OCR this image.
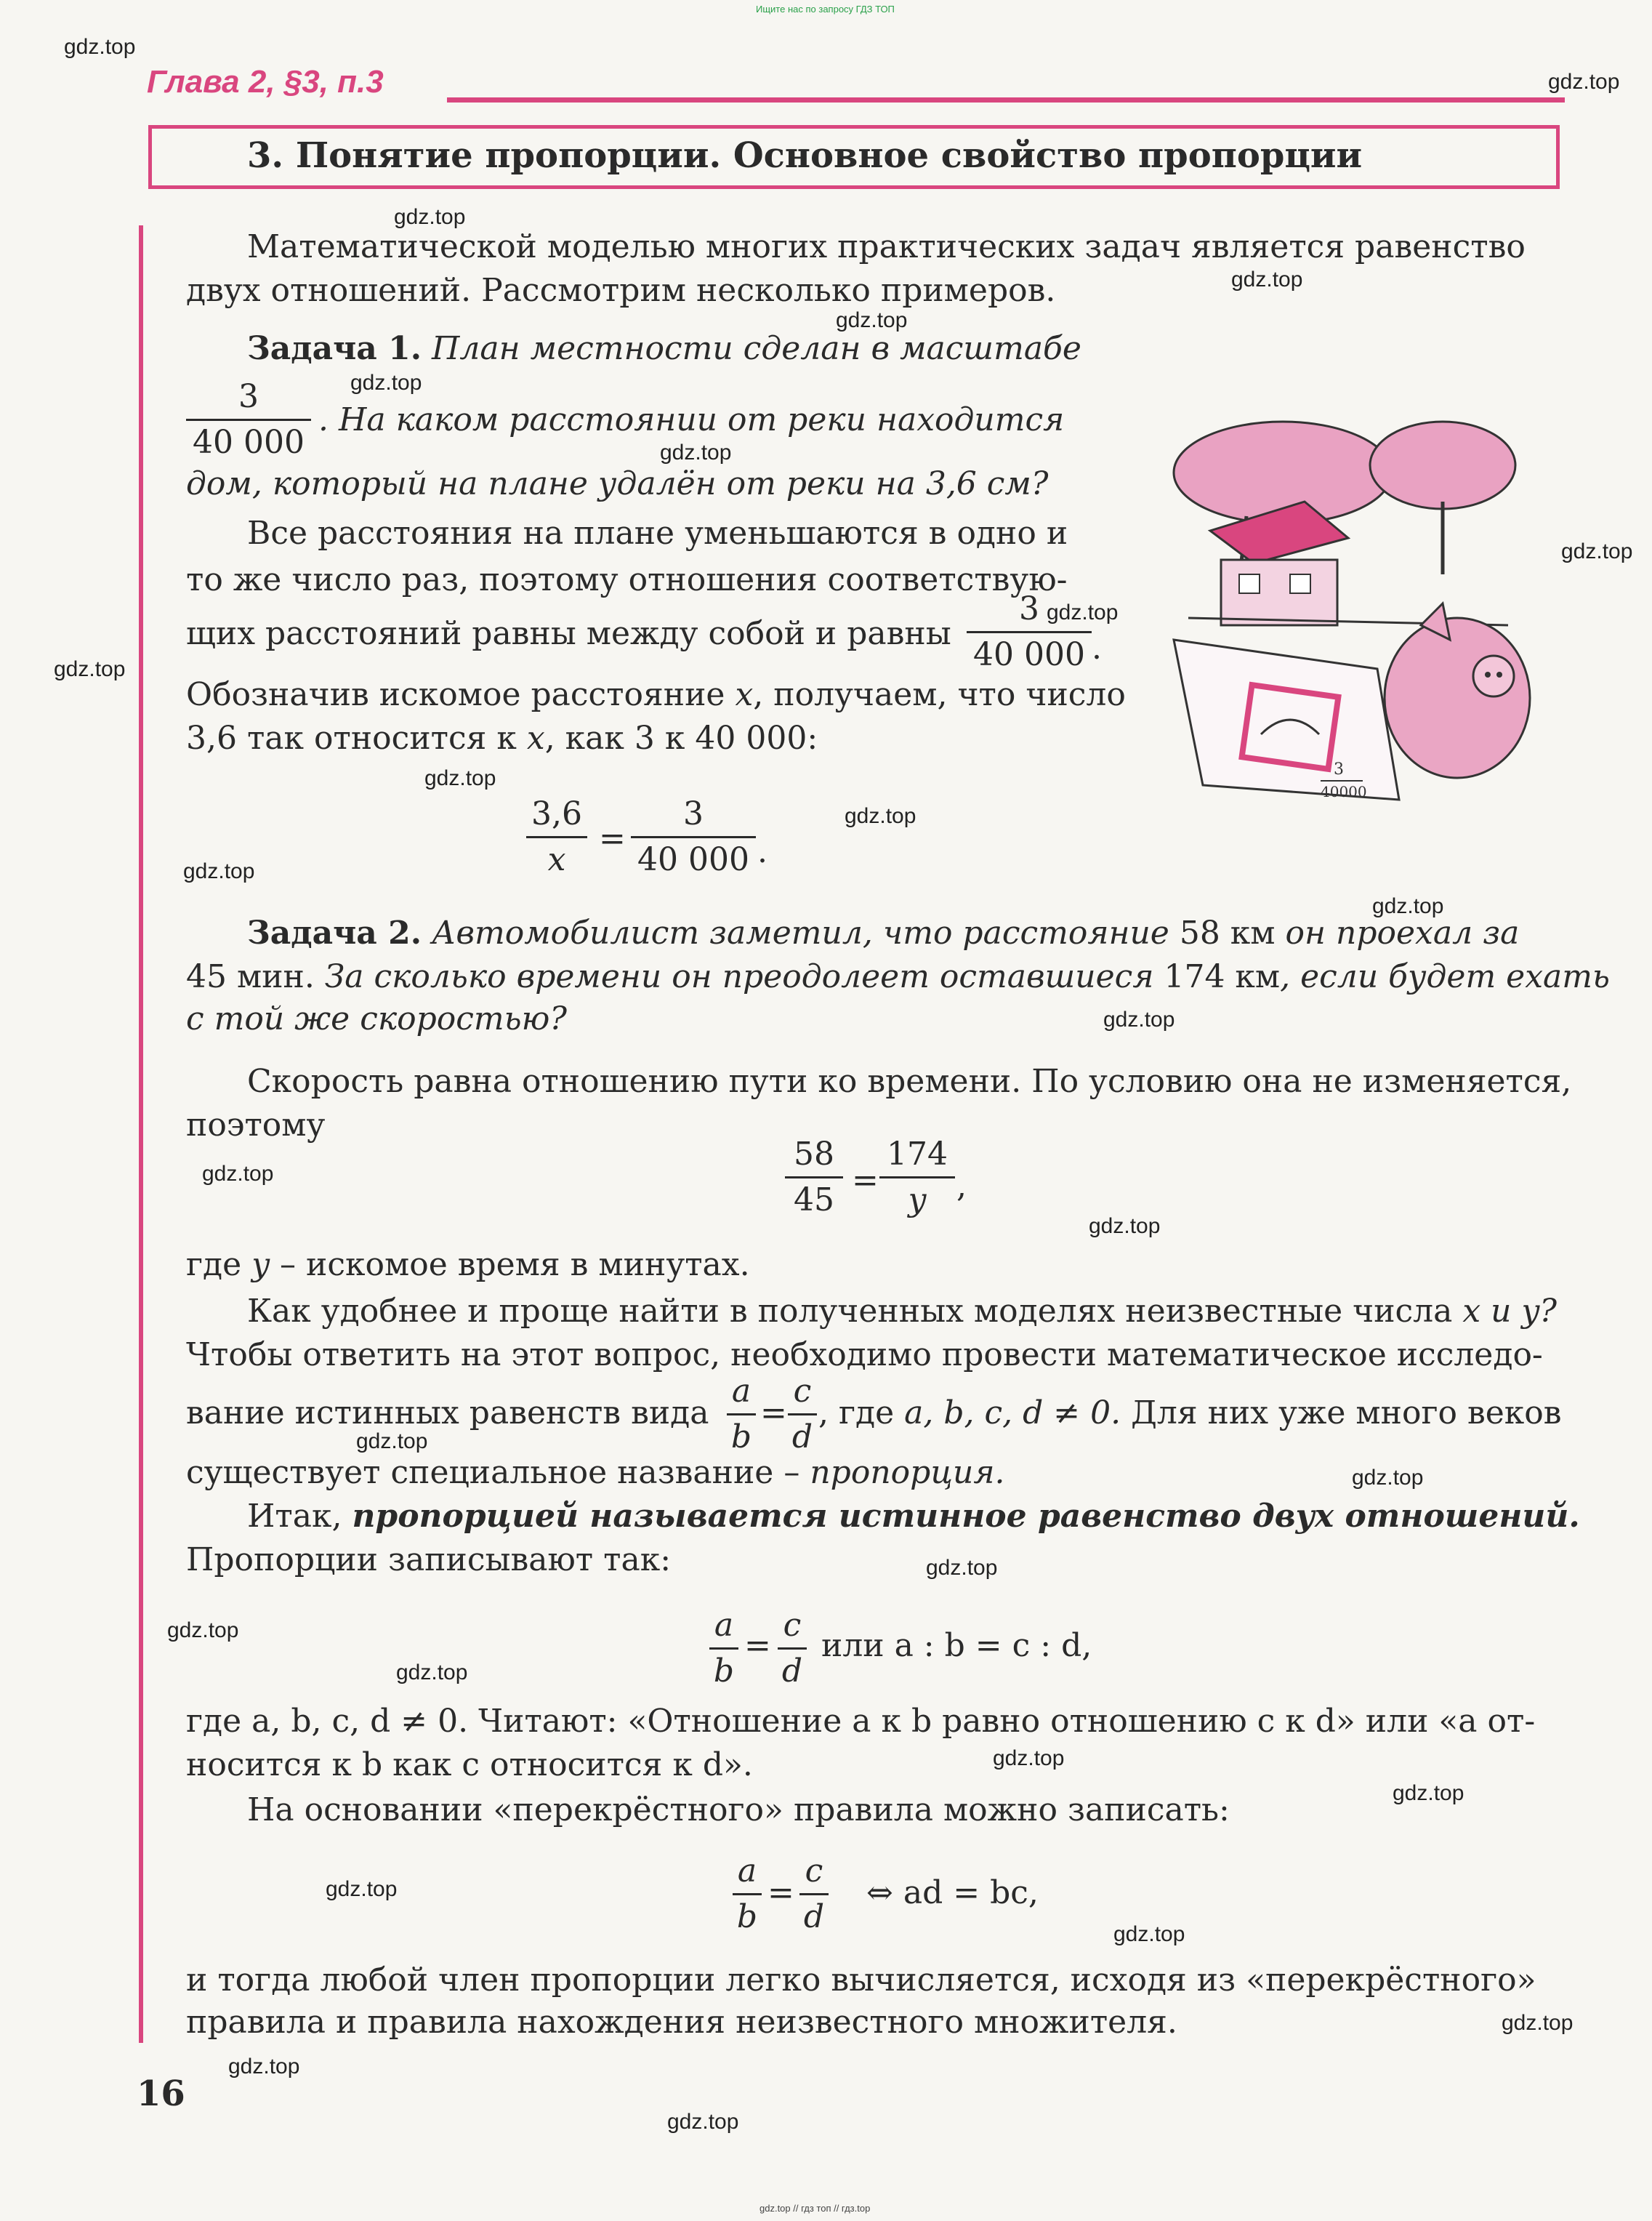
Ищите нас по запросу ГДЗ ТОП
gdz.top // гдз топ // гдз.top
Глава 2, §3, п.3
3. Понятие пропорции. Основное свойство пропорции
gdz.top
gdz.top
gdz.top
gdz.top
gdz.top
gdz.top
gdz.top
gdz.top
gdz.top
gdz.top
gdz.top
gdz.top
gdz.top
gdz.top
gdz.top
gdz.top
gdz.top
gdz.top
gdz.top
gdz.top
gdz.top
gdz.top
gdz.top
gdz.top
gdz.top
gdz.top
gdz.top
gdz.top
gdz.top
Математической моделью многих практических задач является равенство
двух отношений. Рассмотрим несколько примеров.
Задача 1. План местности сделан в масштабе
3
40 000
. На каком расстоянии от реки находится
дом, который на плане удалён от реки на 3,6 см?
Все расстояния на плане уменьшаются в одно и
то же число раз, поэтому отношения соответствую-
щих расстояний равны между собой и равны
3
40 000 .
Обозначив искомое расстояние x, получаем, что число
3,6 так относится к x, как 3 к 40 000:
3,6
x
=
3
40 000 .
Задача 2. Автомобилист заметил, что расстояние 58 км он проехал за
45 мин. За сколько времени он преодолеет оставшиеся 174 км, если будет ехать
с той же скоростью?
Скорость равна отношению пути ко времени. По условию она не изменяется,
поэтому
58
45
=
174
y ,
где y – искомое время в минутах.
Как удобнее и проще найти в полученных моделях неизвестные числа x и y?
Чтобы ответить на этот вопрос, необходимо провести математическое исследо-
вание истинных равенств вида
a
b
=
c
d
, где a, b, c, d ≠ 0. Для них уже много веков
существует специальное название – пропорция.
Итак, пропорцией называется истинное равенство двух отношений.
Пропорции записывают так:
a
b
=
c
d
или a : b = c : d,
где a, b, c, d ≠ 0. Читают: «Отношение a к b равно отношению c к d» или «a от-
носится к b как c относится к d».
На основании «перекрёстного» правила можно записать:
a
b
=
c
d
⇔ ad = bc,
и тогда любой член пропорции легко вычисляется, исходя из «перекрёстного»
правила и правила нахождения неизвестного множителя.
16
3
40000
